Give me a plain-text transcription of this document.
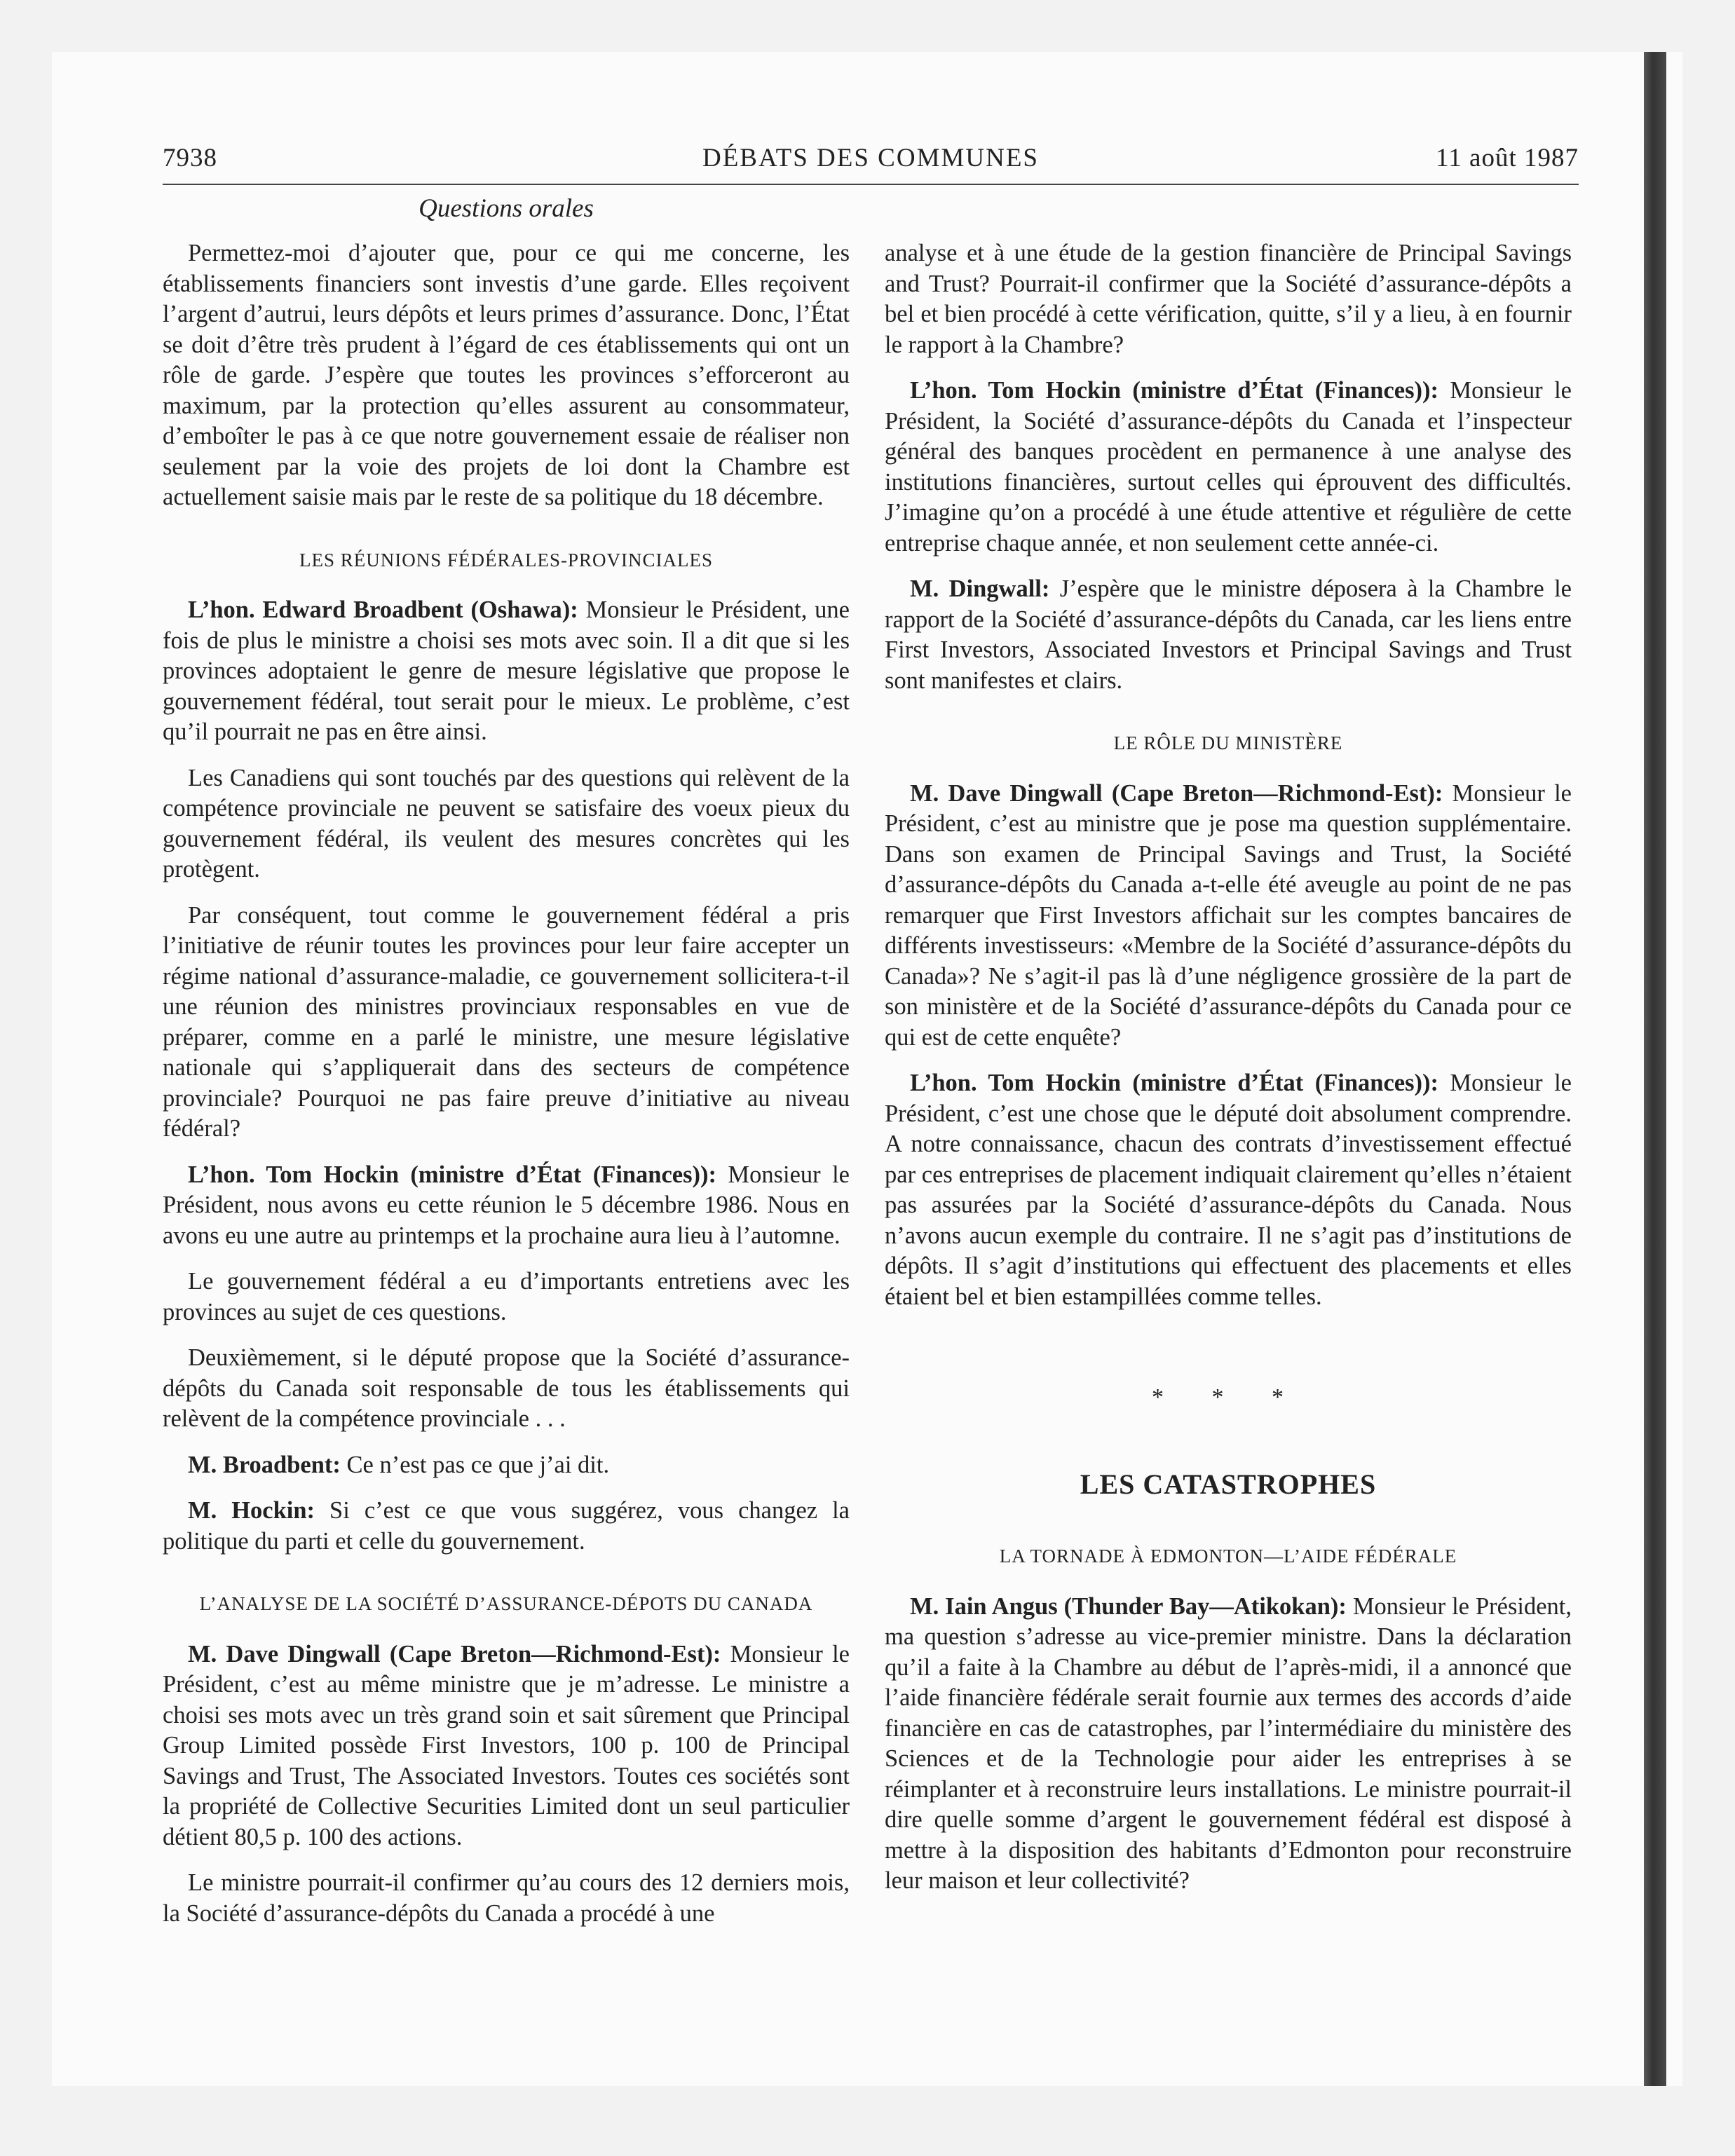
7938	DÉBATS DES COMMUNES	11 août 1987
Questions orales

Permettez-moi d’ajouter que, pour ce qui me concerne, les établissements financiers sont investis d’une garde. Elles reçoivent l’argent d’autrui, leurs dépôts et leurs primes d’assurance. Donc, l’État se doit d’être très prudent à l’égard de ces établissements qui ont un rôle de garde. J’espère que toutes les provinces s’efforceront au maximum, par la protection qu’elles assurent au consommateur, d’emboîter le pas à ce que notre gouvernement essaie de réaliser non seulement par la voie des projets de loi dont la Chambre est actuellement saisie mais par le reste de sa politique du 18 décembre.

LES RÉUNIONS FÉDÉRALES-PROVINCIALES

L’hon. Edward Broadbent (Oshawa): Monsieur le Président, une fois de plus le ministre a choisi ses mots avec soin. Il a dit que si les provinces adoptaient le genre de mesure législative que propose le gouvernement fédéral, tout serait pour le mieux. Le problème, c’est qu’il pourrait ne pas en être ainsi.

Les Canadiens qui sont touchés par des questions qui relèvent de la compétence provinciale ne peuvent se satisfaire des voeux pieux du gouvernement fédéral, ils veulent des mesures concrètes qui les protègent.

Par conséquent, tout comme le gouvernement fédéral a pris l’initiative de réunir toutes les provinces pour leur faire accepter un régime national d’assurance-maladie, ce gouvernement sollicitera-t-il une réunion des ministres provinciaux responsables en vue de préparer, comme en a parlé le ministre, une mesure législative nationale qui s’appliquerait dans des secteurs de compétence provinciale? Pourquoi ne pas faire preuve d’initiative au niveau fédéral?

L’hon. Tom Hockin (ministre d’État (Finances)): Monsieur le Président, nous avons eu cette réunion le 5 décembre 1986. Nous en avons eu une autre au printemps et la prochaine aura lieu à l’automne.

Le gouvernement fédéral a eu d’importants entretiens avec les provinces au sujet de ces questions.

Deuxièmement, si le député propose que la Société d’assurance-dépôts du Canada soit responsable de tous les établissements qui relèvent de la compétence provinciale . . .

M. Broadbent: Ce n’est pas ce que j’ai dit.

M. Hockin: Si c’est ce que vous suggérez, vous changez la politique du parti et celle du gouvernement.

L’ANALYSE DE LA SOCIÉTÉ D’ASSURANCE-DÉPOTS DU CANADA

M. Dave Dingwall (Cape Breton—Richmond-Est): Monsieur le Président, c’est au même ministre que je m’adresse. Le ministre a choisi ses mots avec un très grand soin et sait sûrement que Principal Group Limited possède First Investors, 100 p. 100 de Principal Savings and Trust, The Associated Investors. Toutes ces sociétés sont la propriété de Collective Securities Limited dont un seul particulier détient 80,5 p. 100 des actions.

Le ministre pourrait-il confirmer qu’au cours des 12 derniers mois, la Société d’assurance-dépôts du Canada a procédé à une

analyse et à une étude de la gestion financière de Principal Savings and Trust? Pourrait-il confirmer que la Société d’assurance-dépôts a bel et bien procédé à cette vérification, quitte, s’il y a lieu, à en fournir le rapport à la Chambre?

L’hon. Tom Hockin (ministre d’État (Finances)): Monsieur le Président, la Société d’assurance-dépôts du Canada et l’inspecteur général des banques procèdent en permanence à une analyse des institutions financières, surtout celles qui éprouvent des difficultés. J’imagine qu’on a procédé à une étude attentive et régulière de cette entreprise chaque année, et non seulement cette année-ci.

M. Dingwall: J’espère que le ministre déposera à la Chambre le rapport de la Société d’assurance-dépôts du Canada, car les liens entre First Investors, Associated Investors et Principal Savings and Trust sont manifestes et clairs.

LE RÔLE DU MINISTÈRE

M. Dave Dingwall (Cape Breton—Richmond-Est): Monsieur le Président, c’est au ministre que je pose ma question supplémentaire. Dans son examen de Principal Savings and Trust, la Société d’assurance-dépôts du Canada a-t-elle été aveugle au point de ne pas remarquer que First Investors affichait sur les comptes bancaires de différents investisseurs: «Membre de la Société d’assurance-dépôts du Canada»? Ne s’agit-il pas là d’une négligence grossière de la part de son ministère et de la Société d’assurance-dépôts du Canada pour ce qui est de cette enquête?

L’hon. Tom Hockin (ministre d’État (Finances)): Monsieur le Président, c’est une chose que le député doit absolument comprendre. A notre connaissance, chacun des contrats d’investissement effectué par ces entreprises de placement indiquait clairement qu’elles n’étaient pas assurées par la Société d’assurance-dépôts du Canada. Nous n’avons aucun exemple du contraire. Il ne s’agit pas d’institutions de dépôts. Il s’agit d’institutions qui effectuent des placements et elles étaient bel et bien estampillées comme telles.

* * *
LES CATASTROPHES
LA TORNADE À EDMONTON—L’AIDE FÉDÉRALE

M. Iain Angus (Thunder Bay—Atikokan): Monsieur le Président, ma question s’adresse au vice-premier ministre. Dans la déclaration qu’il a faite à la Chambre au début de l’après-midi, il a annoncé que l’aide financière fédérale serait fournie aux termes des accords d’aide financière en cas de catastrophes, par l’intermédiaire du ministère des Sciences et de la Technologie pour aider les entreprises à se réimplanter et à reconstruire leurs installations. Le ministre pourrait-il dire quelle somme d’argent le gouvernement fédéral est disposé à mettre à la disposition des habitants d’Edmonton pour reconstruire leur maison et leur collectivité?
